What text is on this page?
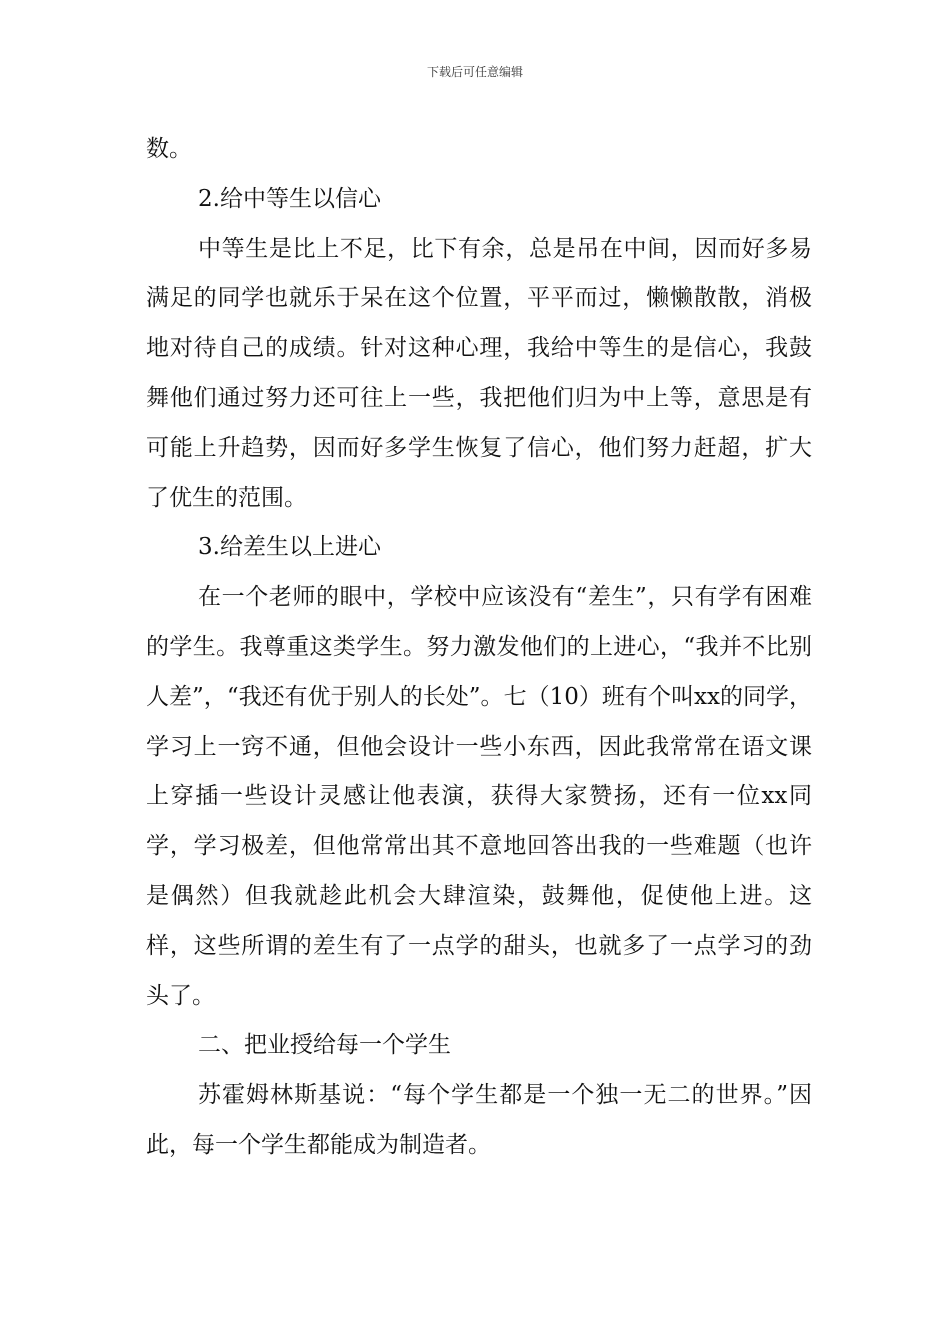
下载后可任意编辑

数。

2.给中等生以信心

中等生是比上不足，比下有余，总是吊在中间，因而好多易满足的同学也就乐于呆在这个位置，平平而过，懒懒散散，消极地对待自己的成绩。针对这种心理，我给中等生的是信心，我鼓舞他们通过努力还可往上一些，我把他们归为中上等，意思是有可能上升趋势，因而好多学生恢复了信心，他们努力赶超，扩大了优生的范围。

3.给差生以上进心

在一个老师的眼中，学校中应该没有“差生”，只有学有困难的学生。我尊重这类学生。努力激发他们的上进心，“我并不比别人差”，“我还有优于别人的长处”。七（10）班有个叫xx的同学，学习上一窍不通，但他会设计一些小东西，因此我常常在语文课上穿插一些设计灵感让他表演，获得大家赞扬，还有一位xx同学，学习极差，但他常常出其不意地回答出我的一些难题（也许是偶然）但我就趁此机会大肆渲染，鼓舞他，促使他上进。这样，这些所谓的差生有了一点学的甜头，也就多了一点学习的劲头了。

二、把业授给每一个学生

苏霍姆林斯基说：“每个学生都是一个独一无二的世界。”因此，每一个学生都能成为制造者。
